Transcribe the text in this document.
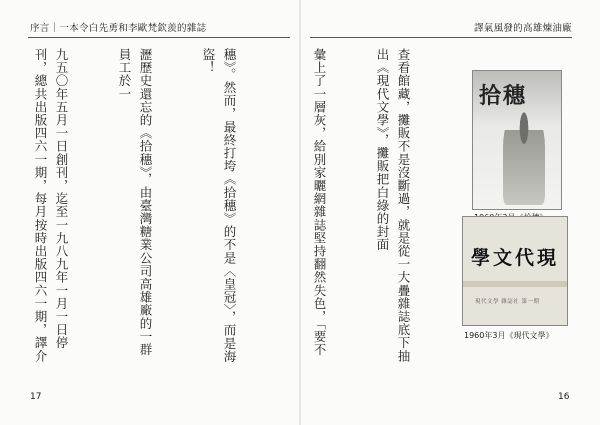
序言｜一本令白先勇和李歐梵欽羨的雜誌

穗》。然而，最終打垮《拾穗》的不是〈皇冠〉，而是海盜！

瀝歷史還忘的《拾穗》，由臺灣糖業公司高雄廠的一群員工於一

九五〇年五月一日創刊，迄至一九八九年一月一日停刊，總共出版四六一期，每月按時出版四六一期，譯介

17
譯氣風發的高雄煉油廠

查看館藏，攤販不是沒斷過，就是從一大疊雜誌底下抽出《現代文學》，攤販把白綠的封面

彙上了一層灰，給別家曬網雜誌堅持翻然失色，「要不

拾穗
學文代現
現代文學 雜誌社 第一期
1960年3月《現代文學》
16
